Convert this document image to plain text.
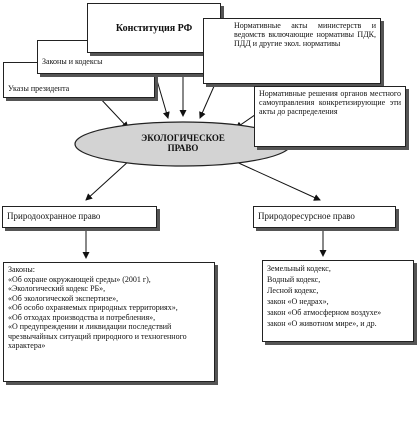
Указы президента
Законы и кодексы
Конституция РФ	Нормативные акты министерств и ведомств включающие нормативы ПДК, ПДД и другие экол. нормативы
Нормативные решения органов местного самоуправления конкретизирующие эти акты до распределения
ЭКОЛОГИЧЕСКОЕ ПРАВО
Природоохранное право	Природоресурсное право
Законы:
«Об охране окружающей среды» (2001 г),
«Экологический кодекс РБ»,
«Об экологической экспертизе»,
«Об особо охраняемых природных территориях»,
«Об отходах производства и потребления»,
«О предупреждении и ликвидации последствий чрезвычайных ситуаций природного и техногенного характера»
Земельный кодекс,
Водный кодекс,
Лесной кодекс,
закон «О недрах»,
закон «Об атмосферном воздухе»
закон «О животном мире», и др.
